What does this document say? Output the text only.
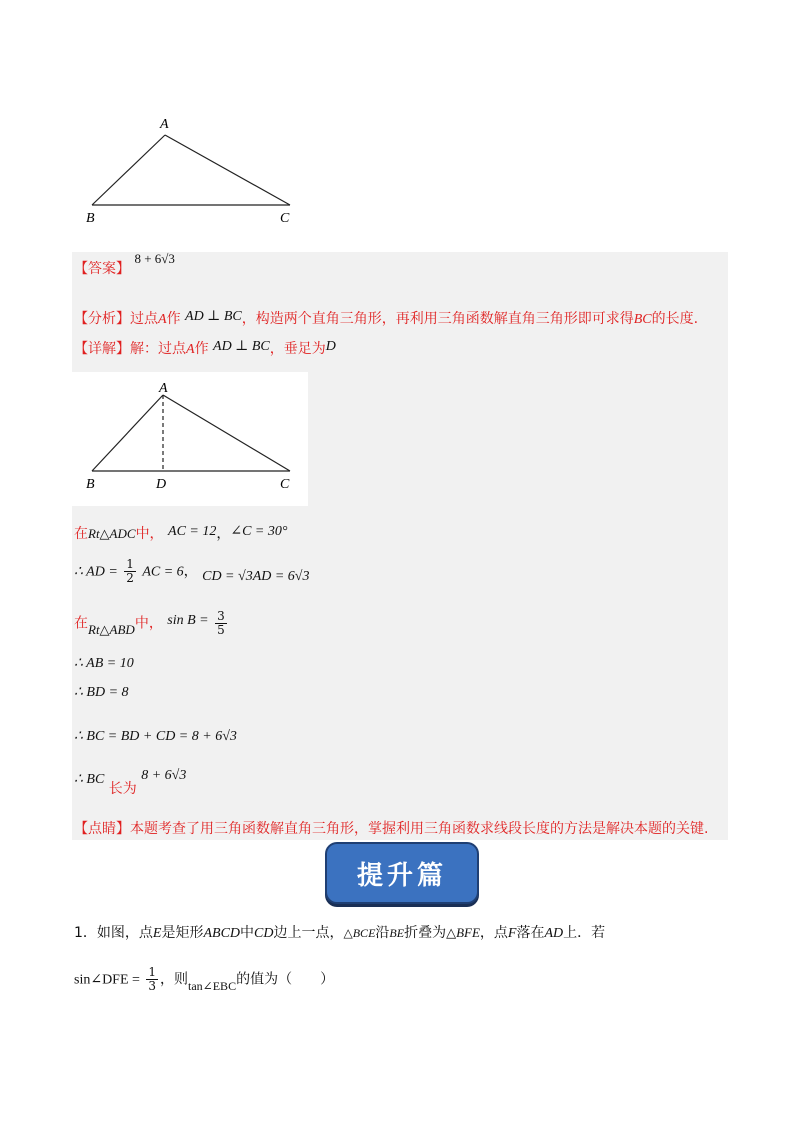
A
B	C
【答案】 8 + 6√3
【分析】过点A作 AD ⊥ BC，构造两个直角三角形，再利用三角函数解直角三角形即可求得BC的长度.
【详解】解：过点A作 AD ⊥ BC，垂足为D
A
B	D	C
在Rt△ADC中， AC = 12，∠C = 30°
∴ AD = $\frac{1}{2}$ AC = 6， CD = √3AD = 6√3
在Rt△ABD中， $\sin B = \frac{3}{5}$
∴ AB = 10
∴ BD = 8
∴ BC = BD + CD = 8 + 6√3
∴ BC 长为 8 + 6√3
【点睛】本题考查了用三角函数解直角三角形，掌握利用三角函数求线段长度的方法是解决本题的关键.
提升篇
1．如图，点E是矩形ABCD中CD边上一点，△BCE沿BE折叠为△BFE，点F落在AD上．若
sin∠DFE = $\frac{1}{3}$ ，则tan∠EBC的值为（　　）
